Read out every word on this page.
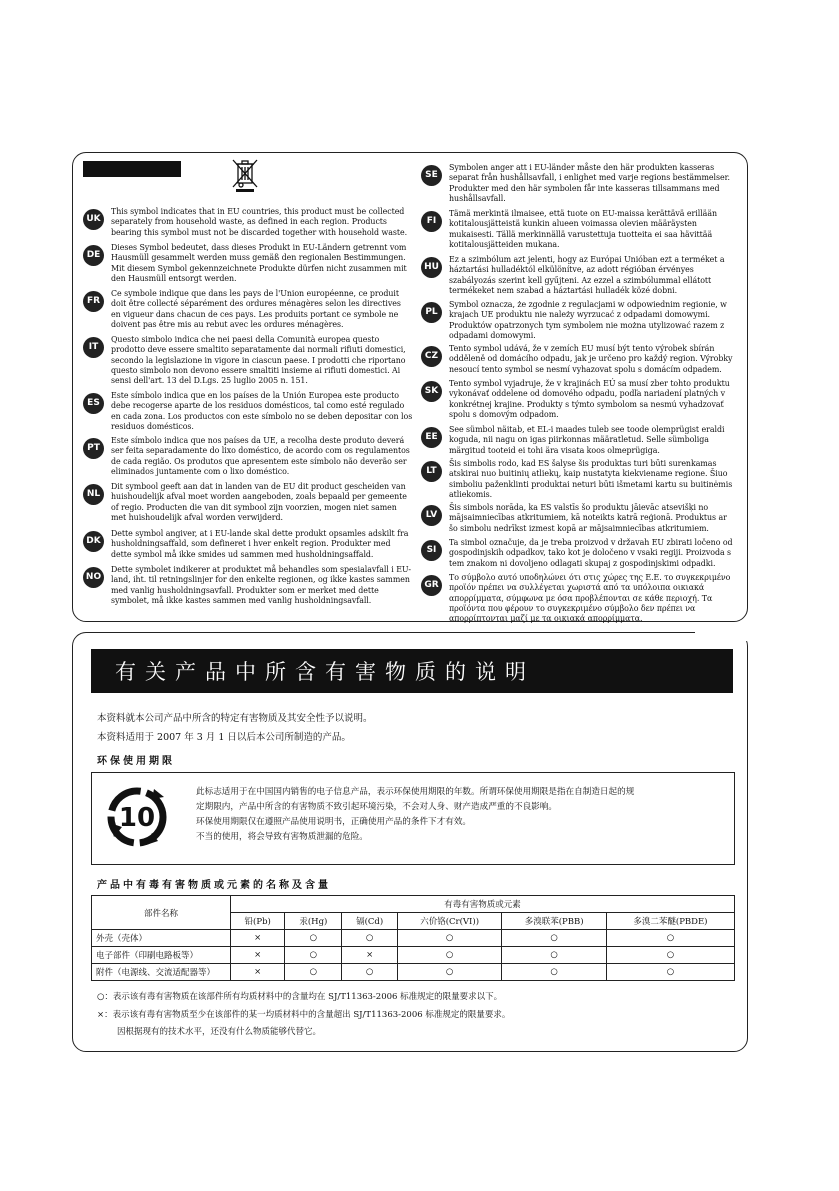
UK
This symbol indicates that in EU countries, this product must be collected separately from household waste, as defined in each region. Products bearing this symbol must not be discarded together with household waste.
DE
Dieses Symbol bedeutet, dass dieses Produkt in EU-Ländern getrennt vom Hausmüll gesammelt werden muss gemäß den regionalen Bestimmungen. Mit diesem Symbol gekennzeichnete Produkte dürfen nicht zusammen mit den Hausmüll entsorgt werden.
FR
Ce symbole indique que dans les pays de l'Union européenne, ce produit doit être collecté séparément des ordures ménagères selon les directives en vigueur dans chacun de ces pays. Les produits portant ce symbole ne doivent pas être mis au rebut avec les ordures ménagères.
IT
Questo simbolo indica che nei paesi della Comunità europea questo prodotto deve essere smaltito separatamente dai normali rifiuti domestici, secondo la legislazione in vigore in ciascun paese. I prodotti che riportano questo simbolo non devono essere smaltiti insieme ai rifiuti domestici. Ai sensi dell'art. 13 del D.Lgs. 25 luglio 2005 n. 151.
ES
Este símbolo indica que en los países de la Unión Europea este producto debe recogerse aparte de los residuos domésticos, tal como esté regulado en cada zona. Los productos con este símbolo no se deben depositar con los residuos domésticos.
PT
Este símbolo indica que nos países da UE, a recolha deste produto deverá ser feita separadamente do lixo doméstico, de acordo com os regulamentos de cada região. Os produtos que apresentem este símbolo não deverão ser eliminados juntamente com o lixo doméstico.
NL
Dit symbool geeft aan dat in landen van de EU dit product gescheiden van huishoudelijk afval moet worden aangeboden, zoals bepaald per gemeente of regio. Producten die van dit symbool zijn voorzien, mogen niet samen met huishoudelijk afval worden verwijderd.
DK
Dette symbol angiver, at i EU-lande skal dette produkt opsamles adskilt fra husholdningsaffald, som defineret i hver enkelt region. Produkter med dette symbol må ikke smides ud sammen med husholdningsaffald.
NO
Dette symbolet indikerer at produktet må behandles som spesialavfall i EU-land, iht. til retningslinjer for den enkelte regionen, og ikke kastes sammen med vanlig husholdningsavfall. Produkter som er merket med dette symbolet, må ikke kastes sammen med vanlig husholdningsavfall.
SE
Symbolen anger att i EU-länder måste den här produkten kasseras separat från hushållsavfall, i enlighet med varje regions bestämmelser. Produkter med den här symbolen får inte kasseras tillsammans med hushållsavfall.
FI
Tämä merkintä ilmaisee, että tuote on EU-maissa kerättävä erillään kotitalousjätteistä kunkin alueen voimassa olevien määräysten mukaisesti. Tällä merkinnällä varustettuja tuotteita ei saa hävittää kotitalousjätteiden mukana.
HU
Ez a szimbólum azt jelenti, hogy az Európai Unióban ezt a terméket a háztartási hulladéktól elkülönítve, az adott régióban érvényes szabályozás szerint kell gyűjteni. Az ezzel a szimbólummal ellátott termékeket nem szabad a háztartási hulladék közé dobni.
PL
Symbol oznacza, że zgodnie z regulacjami w odpowiednim regionie, w krajach UE produktu nie należy wyrzucać z odpadami domowymi. Produktów opatrzonych tym symbolem nie można utylizować razem z odpadami domowymi.
CZ
Tento symbol udává, že v zemích EU musí být tento výrobek sbírán odděleně od domácího odpadu, jak je určeno pro každý region. Výrobky nesoucí tento symbol se nesmí vyhazovat spolu s domácím odpadem.
SK
Tento symbol vyjadruje, že v krajinách EÚ sa musí zber tohto produktu vykonávať oddelene od domového odpadu, podľa nariadení platných v konkrétnej krajine. Produkty s týmto symbolom sa nesmú vyhadzovať spolu s domovým odpadom.
EE
See sümbol näitab, et EL-i maades tuleb see toode olemprügist eraldi koguda, nii nagu on igas piirkonnas määratletud. Selle sümboliga märgitud tooteid ei tohi ära visata koos olmeprügiga.
LT
Šis simbolis rodo, kad ES šalyse šis produktas turi būti surenkamas atskirai nuo buitinių atliekų, kaip nustatyta kiekviename regione. Šiuo simboliu paženklinti produktai neturi būti išmetami kartu su buitinėmis atliekomis.
LV
Šis simbols norāda, ka ES valstīs šo produktu jāievāc atsevišķi no mājsaimniecības atkritumiem, kā noteikts katrā reģionā. Produktus ar šo simbolu nedrīkst izmest kopā ar mājsaimniecības atkritumiem.
SI
Ta simbol označuje, da je treba proizvod v državah EU zbirati ločeno od gospodinjskih odpadkov, tako kot je določeno v vsaki regiji. Proizvoda s tem znakom ni dovoljeno odlagati skupaj z gospodinjskimi odpadki.
GR
Το σύμβολο αυτό υποδηλώνει ότι στις χώρες της Ε.Ε. το συγκεκριμένο προϊόν πρέπει να συλλέγεται χωριστά από τα υπόλοιπα οικιακά απορρίμματα, σύμφωνα με όσα προβλέπονται σε κάθε περιοχή. Τα προϊόντα που φέρουν το συγκεκριμένο σύμβολο δεν πρέπει να απορρίπτονται μαζί με τα οικιακά απορρίμματα.
有关产品中所含有害物质的说明
本资料就本公司产品中所含的特定有害物质及其安全性予以说明。
本资料适用于 2007 年 3 月 1 日以后本公司所制造的产品。
环保使用期限
10
此标志适用于在中国国内销售的电子信息产品，表示环保使用期限的年数。所谓环保使用期限是指在自制造日起的规
定期限内，产品中所含的有害物质不致引起环境污染，不会对人身、财产造成严重的不良影响。
环保使用期限仅在遵照产品使用说明书，正确使用产品的条件下才有效。
不当的使用，将会导致有害物质泄漏的危险。
产品中有毒有害物质或元素的名称及含量
部件名称	有毒有害物质或元素					
	铅(Pb)	汞(Hg)	镉(Cd)	六价铬(Cr(VI))	多溴联苯(PBB)	多溴二苯醚(PBDE)
外壳（壳体）	×	○	○	○	○	○
电子部件（印刷电路板等）	×	○	×	○	○	○
附件（电源线、交流适配器等）	×	○	○	○	○	○
○：表示该有毒有害物质在该部件所有均质材料中的含量均在 SJ/T11363-2006 标准规定的限量要求以下。
×：表示该有毒有害物质至少在该部件的某一均质材料中的含量超出 SJ/T11363-2006 标准规定的限量要求。
因根据现有的技术水平，还没有什么物质能够代替它。
